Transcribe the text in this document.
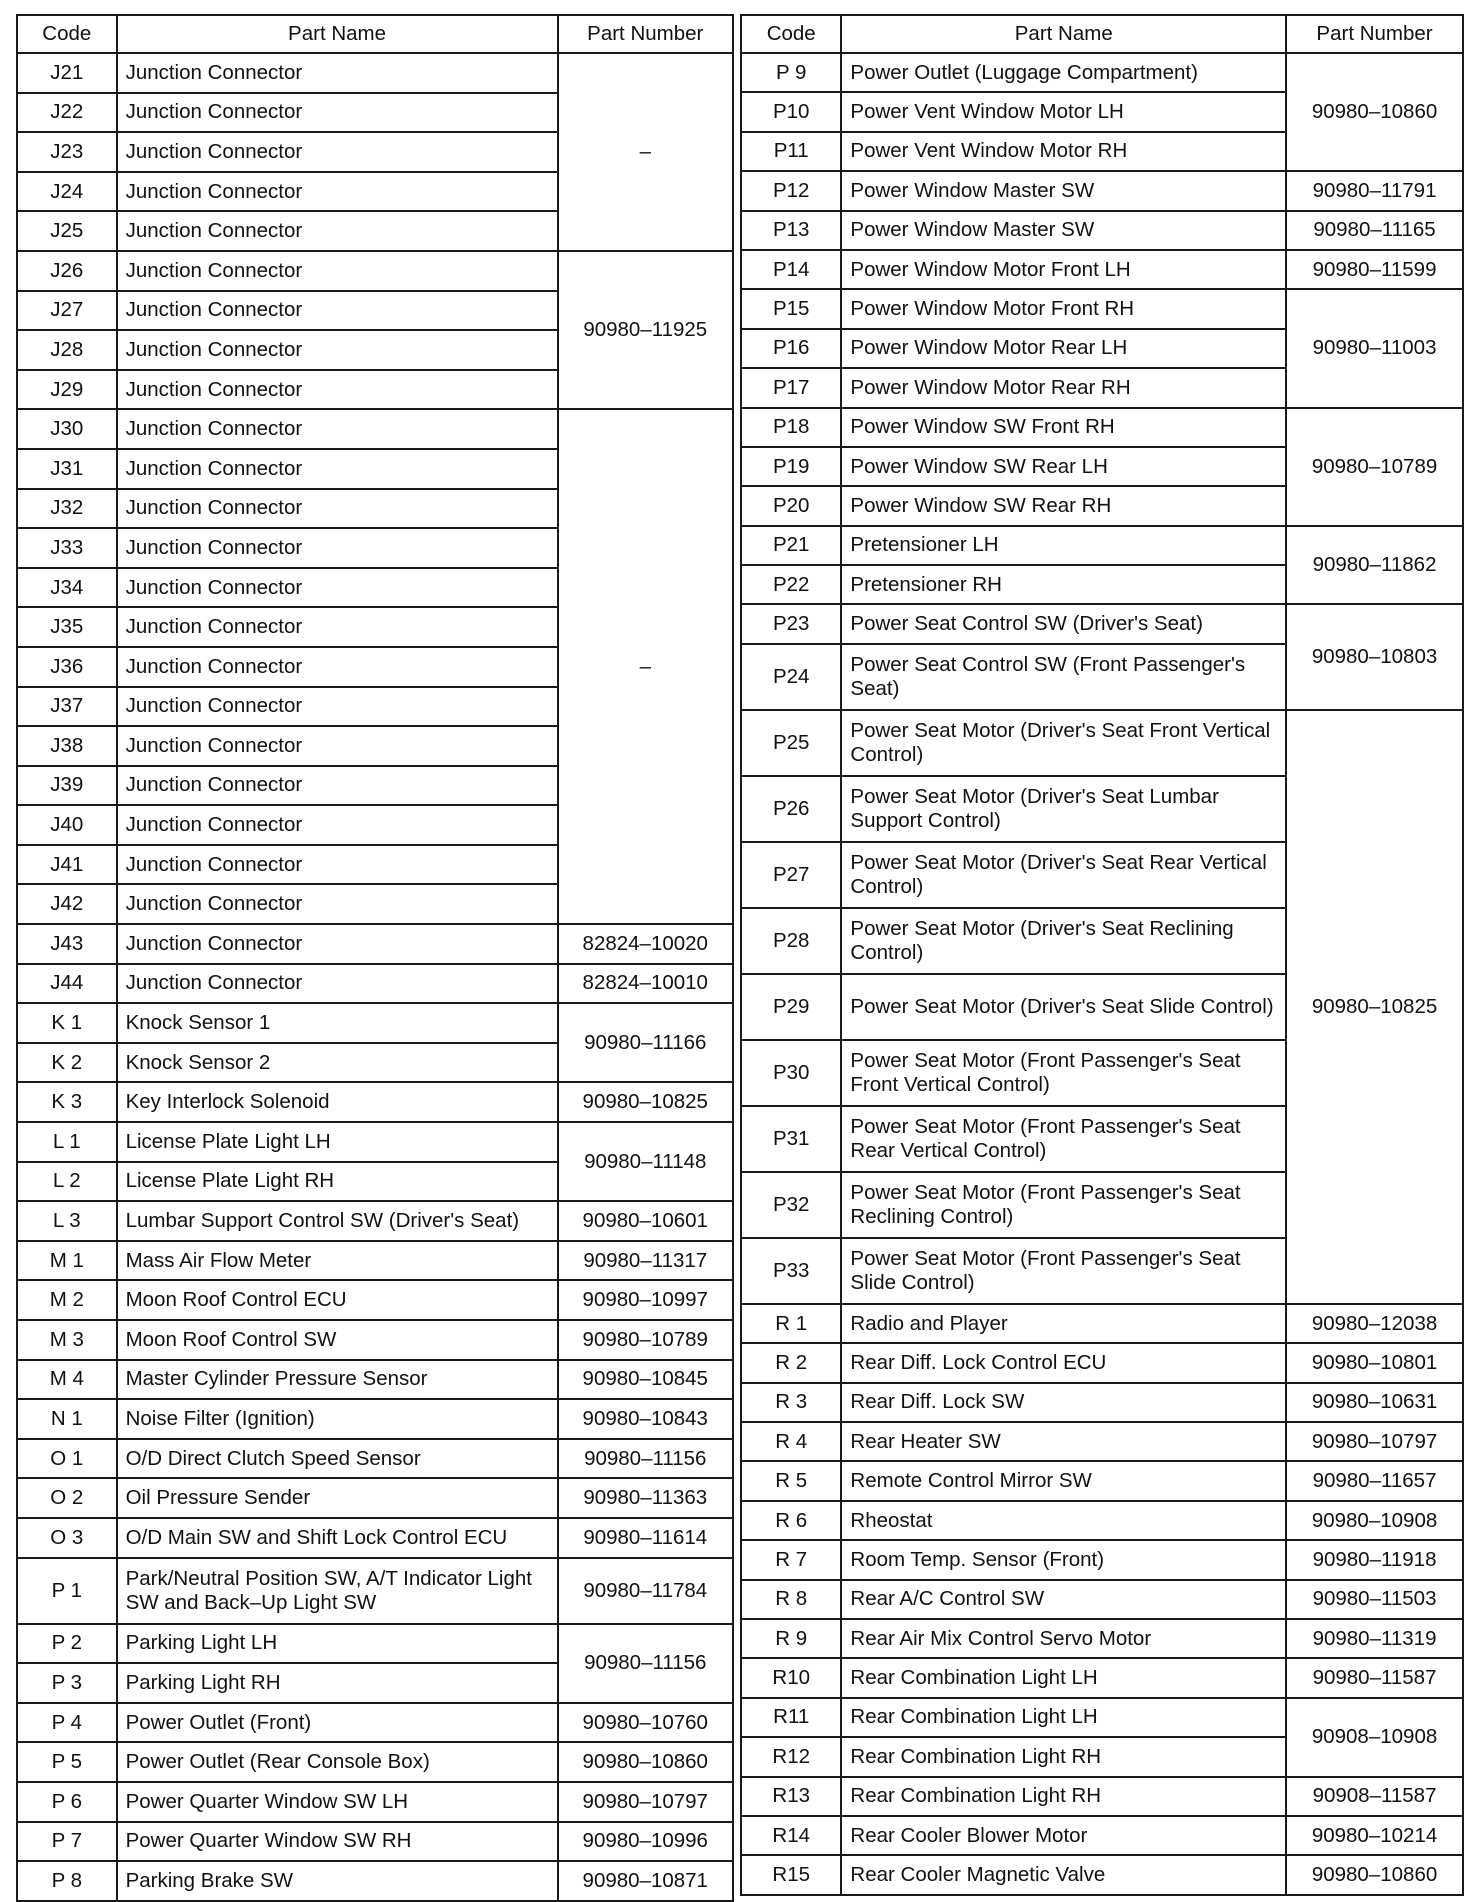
Code	Part Name	Part Number
J21	Junction Connector	–
J22	Junction Connector	
J23	Junction Connector	
J24	Junction Connector	
J25	Junction Connector	
J26	Junction Connector	90980–11925
J27	Junction Connector	
J28	Junction Connector	
J29	Junction Connector	
J30	Junction Connector	–
J31	Junction Connector	
J32	Junction Connector	
J33	Junction Connector	
J34	Junction Connector	
J35	Junction Connector	
J36	Junction Connector	
J37	Junction Connector	
J38	Junction Connector	
J39	Junction Connector	
J40	Junction Connector	
J41	Junction Connector	
J42	Junction Connector	
J43	Junction Connector	82824–10020
J44	Junction Connector	82824–10010
K 1	Knock Sensor 1	90980–11166
K 2	Knock Sensor 2	
K 3	Key Interlock Solenoid	90980–10825
L 1	License Plate Light LH	90980–11148
L 2	License Plate Light RH	
L 3	Lumbar Support Control SW (Driver's Seat)	90980–10601
M 1	Mass Air Flow Meter	90980–11317
M 2	Moon Roof Control ECU	90980–10997
M 3	Moon Roof Control SW	90980–10789
M 4	Master Cylinder Pressure Sensor	90980–10845
N 1	Noise Filter (Ignition)	90980–10843
O 1	O/D Direct Clutch Speed Sensor	90980–11156
O 2	Oil Pressure Sender	90980–11363
O 3	O/D Main SW and Shift Lock Control ECU	90980–11614
P 1	Park/Neutral Position SW, A/T Indicator Light SW and Back–Up Light SW	90980–11784
P 2	Parking Light LH	90980–11156
P 3	Parking Light RH	
P 4	Power Outlet (Front)	90980–10760
P 5	Power Outlet (Rear Console Box)	90980–10860
P 6	Power Quarter Window SW LH	90980–10797
P 7	Power Quarter Window SW RH	90980–10996
P 8	Parking Brake SW	90980–10871
Code	Part Name	Part Number
P 9	Power Outlet (Luggage Compartment)	90980–10860
P10	Power Vent Window Motor LH	
P11	Power Vent Window Motor RH	
P12	Power Window Master SW	90980–11791
P13	Power Window Master SW	90980–11165
P14	Power Window Motor Front LH	90980–11599
P15	Power Window Motor Front RH	90980–11003
P16	Power Window Motor Rear LH	
P17	Power Window Motor Rear RH	
P18	Power Window SW Front RH	90980–10789
P19	Power Window SW Rear LH	
P20	Power Window SW Rear RH	
P21	Pretensioner LH	90980–11862
P22	Pretensioner RH	
P23	Power Seat Control SW (Driver's Seat)	90980–10803
P24	Power Seat Control SW (Front Passenger's Seat)	
P25	Power Seat Motor (Driver's Seat Front Vertical Control)	90980–10825
P26	Power Seat Motor (Driver's Seat Lumbar Support Control)	
P27	Power Seat Motor (Driver's Seat Rear Vertical Control)	
P28	Power Seat Motor (Driver's Seat Reclining Control)	
P29	Power Seat Motor (Driver's Seat Slide Control)	
P30	Power Seat Motor (Front Passenger's Seat Front Vertical Control)	
P31	Power Seat Motor (Front Passenger's Seat Rear Vertical Control)	
P32	Power Seat Motor (Front Passenger's Seat Reclining Control)	
P33	Power Seat Motor (Front Passenger's Seat Slide Control)	
R 1	Radio and Player	90980–12038
R 2	Rear Diff. Lock Control ECU	90980–10801
R 3	Rear Diff. Lock SW	90980–10631
R 4	Rear Heater SW	90980–10797
R 5	Remote Control Mirror SW	90980–11657
R 6	Rheostat	90980–10908
R 7	Room Temp. Sensor (Front)	90980–11918
R 8	Rear A/C Control SW	90980–11503
R 9	Rear Air Mix Control Servo Motor	90980–11319
R10	Rear Combination Light LH	90980–11587
R11	Rear Combination Light LH	90908–10908
R12	Rear Combination Light RH	
R13	Rear Combination Light RH	90908–11587
R14	Rear Cooler Blower Motor	90980–10214
R15	Rear Cooler Magnetic Valve	90980–10860
